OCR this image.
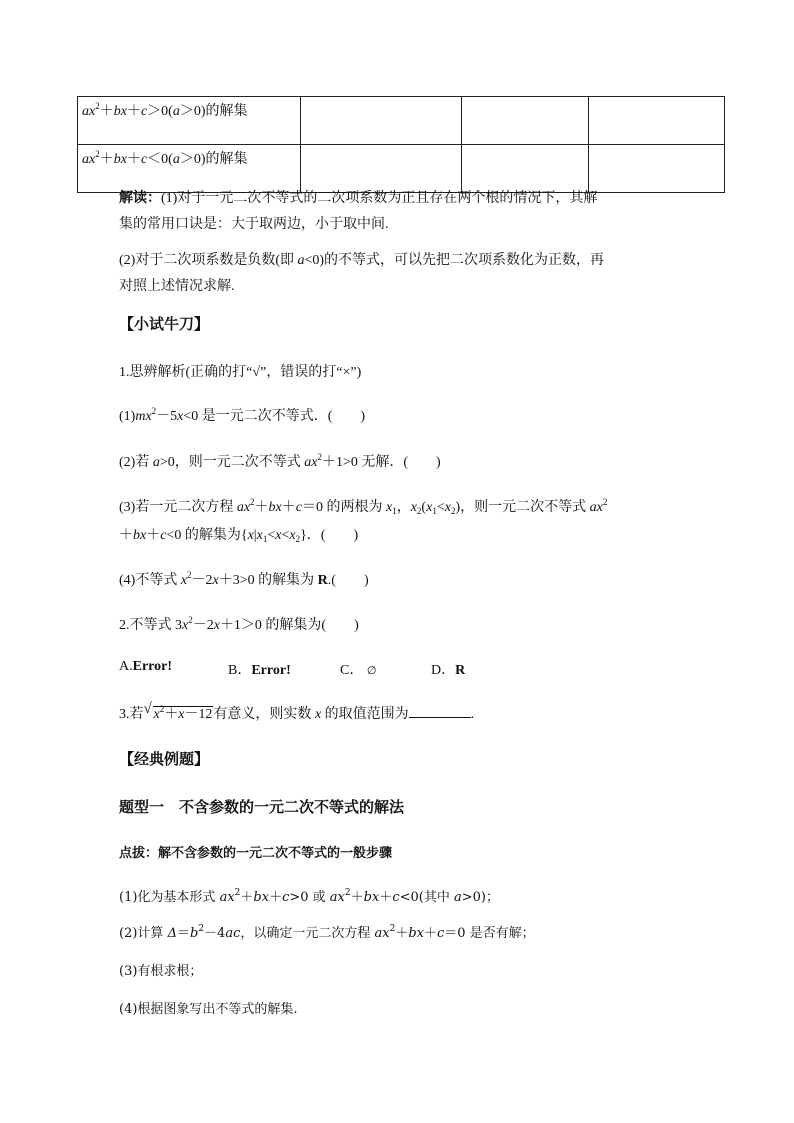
$ax^2+bx+c>0(a>0)$的解集			
$ax^2+bx+c<0(a>0)$的解集			
解读：(1)对于一元二次不等式的二次项系数为正且存在两个根的情况下，其解
集的常用口诀是：大于取两边，小于取中间.
(2)对于二次项系数是负数(即 a<0)的不等式，可以先把二次项系数化为正数，再
对照上述情况求解.
【小试牛刀】
1.思辨解析(正确的打“√”，错误的打“×”)
$(1)mx^2-5x<0$ 是一元二次不等式．(　　)
(2)若 a>0，则一元二次不等式 $ax^2+1>0$ 无解．(　　)
(3)若一元二次方程 $ax^2+bx+c=0$ 的两根为 $x_1$，$x_2(x_1<x_2)$，则一元二次不等式 $ax^2$
＋bx＋c<0 的解集为$\{x|x_1<x<x_2\}$．(　　)
(4)不等式 $x^2-2x+3>0$ 的解集为 R.(　　)
2.不等式 $3x^2-2x+1>0$ 的解集为(　　)
A.Error!	B．Error!	C． ∅	D．R
3.若 √ $x^2+x-12$有意义，则实数 x 的取值范围为	.
【经典例题】
题型一　不含参数的一元二次不等式的解法
点拔：解不含参数的一元二次不等式的一般步骤
(1)化为基本形式 $ax^2+bx+c>0$ 或 $ax^2+bx+c<0$(其中 a>0)；
(2)计算 $\Delta=b^2-4ac$，以确定一元二次方程 $ax^2+bx+c=0$ 是否有解；
(3)有根求根；
(4)根据图象写出不等式的解集.
